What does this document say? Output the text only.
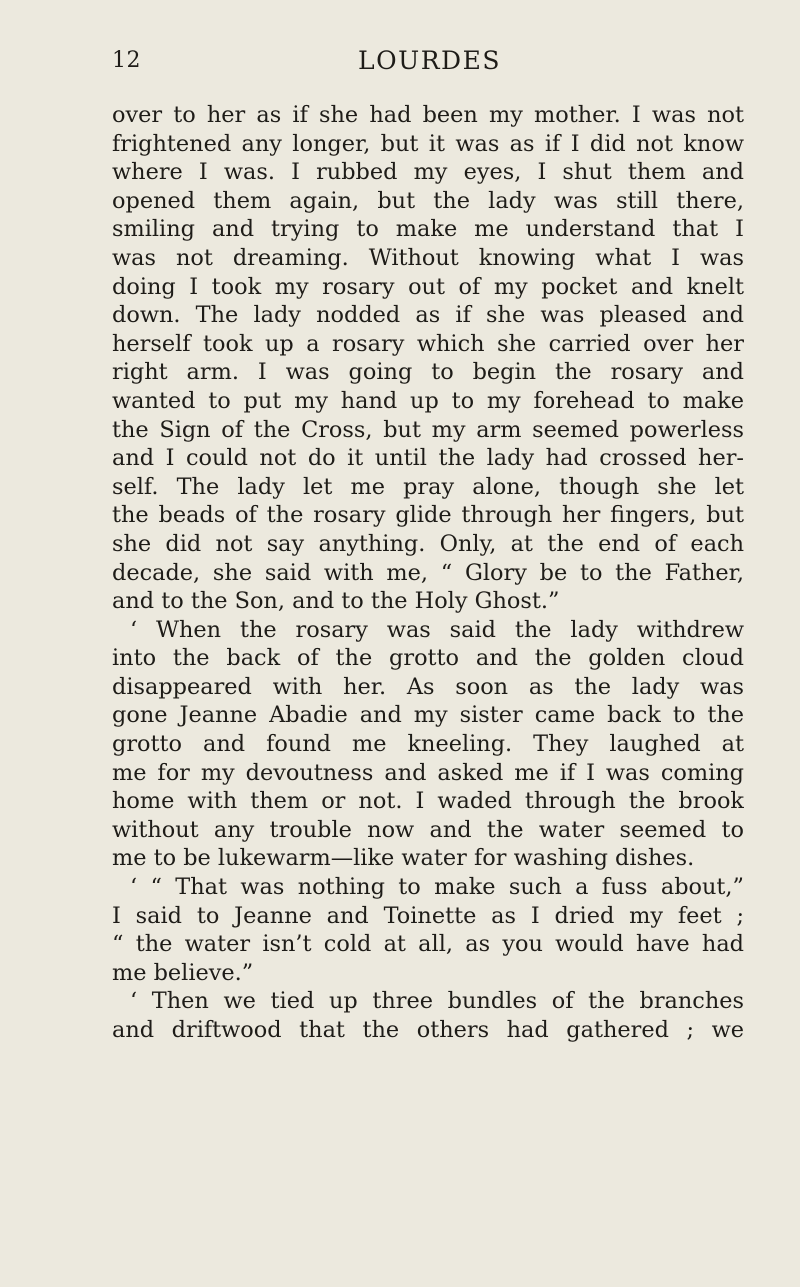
12	LOURDES
over to her as if she had been my mother. I was not
frightened any longer, but it was as if I did not know
where I was. I rubbed my eyes, I shut them and
opened them again, but the lady was still there,
smiling and trying to make me understand that I
was not dreaming. Without knowing what I was
doing I took my rosary out of my pocket and knelt
down. The lady nodded as if she was pleased and
herself took up a rosary which she carried over her
right arm. I was going to begin the rosary and
wanted to put my hand up to my forehead to make
the Sign of the Cross, but my arm seemed powerless
and I could not do it until the lady had crossed her-
self. The lady let me pray alone, though she let
the beads of the rosary glide through her fingers, but
she did not say anything. Only, at the end of each
decade, she said with me, “ Glory be to the Father,
and to the Son, and to the Holy Ghost.”
‘ When the rosary was said the lady withdrew
into the back of the grotto and the golden cloud
disappeared with her. As soon as the lady was
gone Jeanne Abadie and my sister came back to the
grotto and found me kneeling. They laughed at
me for my devoutness and asked me if I was coming
home with them or not. I waded through the brook
without any trouble now and the water seemed to
me to be lukewarm—like water for washing dishes.
‘ “ That was nothing to make such a fuss about,”
I said to Jeanne and Toinette as I dried my feet ;
“ the water isn’t cold at all, as you would have had
me believe.”
‘ Then we tied up three bundles of the branches
and driftwood that the others had gathered ; we
